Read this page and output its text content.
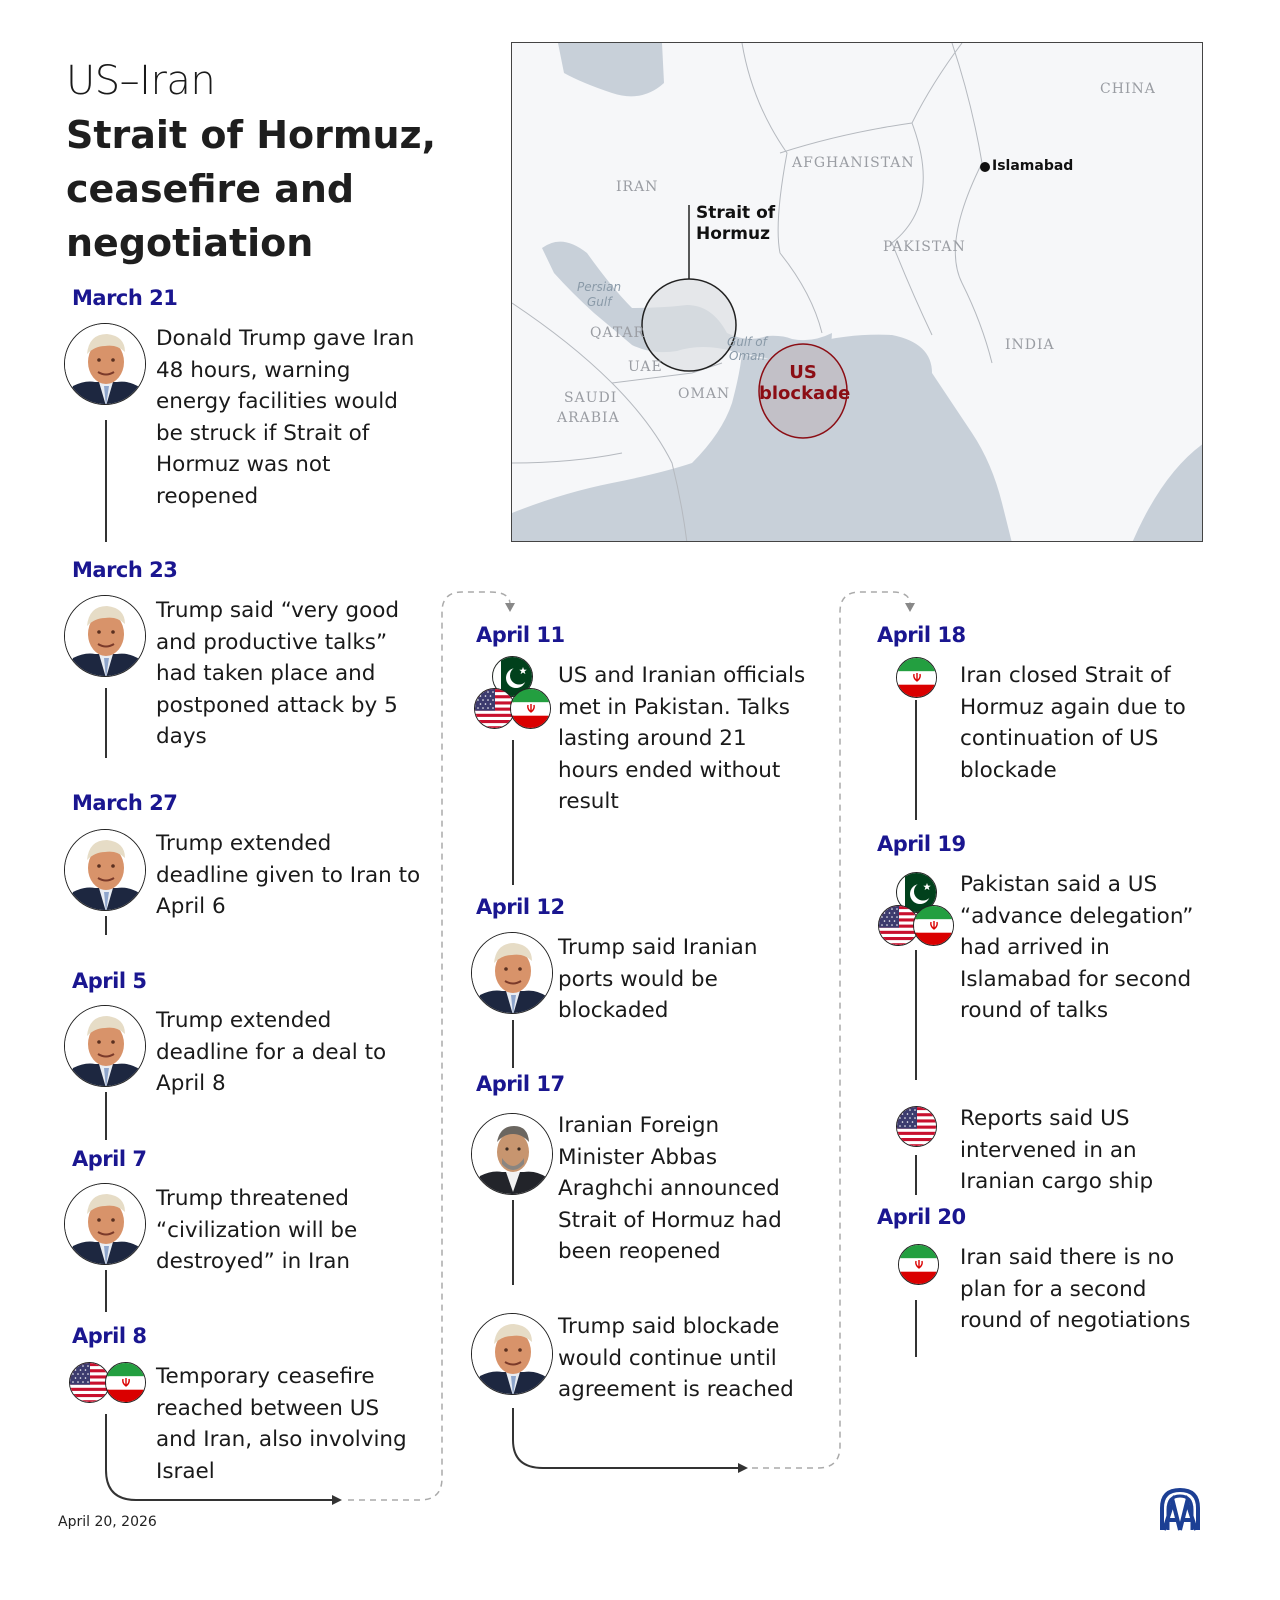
US–Iran
Strait of Hormuz, ceasefire and negotiation
IRAN
AFGHANISTAN
PAKISTAN
CHINA
INDIA
QATAR
UAE
OMAN
SAUDI
ARABIA
Persian
Gulf
Gulf of
Oman
Islamabad
Strait of
Hormuz
US
blockade
March 21
Donald Trump gave Iran 48 hours, warning energy facilities would be struck if Strait of Hormuz was not reopened
March 23
Trump said “very good and productive talks” had taken place and postponed attack by 5 days
March 27
Trump extended deadline given to Iran to April 6
April 5
Trump extended deadline for a deal to April 8
April 7
Trump threatened “civilization will be destroyed” in Iran
April 8
Temporary ceasefire reached between US and Iran, also involving Israel
April 11
US and Iranian officials met in Pakistan. Talks lasting around 21 hours ended without result
April 12
Trump said Iranian ports would be blockaded
April 17
Iranian Foreign Minister Abbas Araghchi announced Strait of Hormuz had been reopened
Trump said blockade would continue until agreement is reached
April 18
Iran closed Strait of Hormuz again due to continuation of US blockade
April 19
Pakistan said a US “advance delegation” had arrived in Islamabad for second round of talks
Reports said US intervened in an Iranian cargo ship
April 20
Iran said there is no plan for a second round of negotiations
April 20, 2026
